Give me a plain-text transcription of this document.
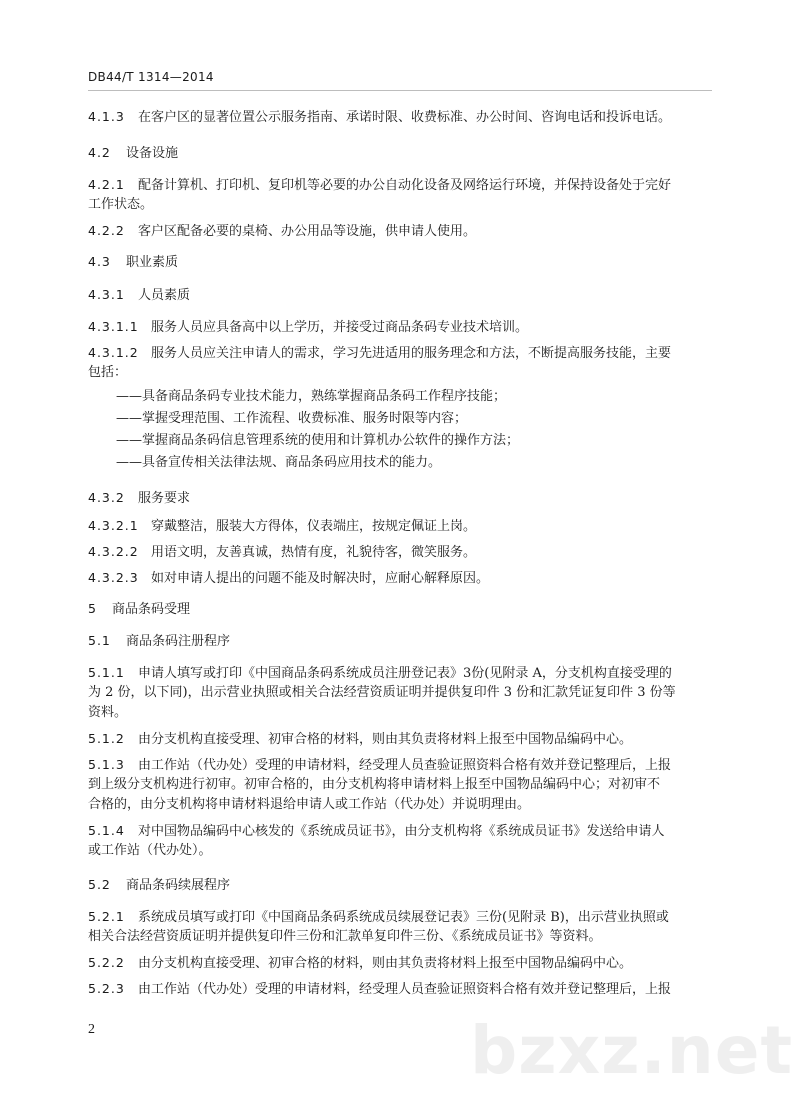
DB44/T 1314—2014
4.1.3 在客户区的显著位置公示服务指南、承诺时限、收费标准、办公时间、咨询电话和投诉电话。
4.2 设备设施
4.2.1 配备计算机、打印机、复印机等必要的办公自动化设备及网络运行环境，并保持设备处于完好
工作状态。
4.2.2 客户区配备必要的桌椅、办公用品等设施，供申请人使用。
4.3 职业素质
4.3.1 人员素质
4.3.1.1 服务人员应具备高中以上学历，并接受过商品条码专业技术培训。
4.3.1.2 服务人员应关注申请人的需求，学习先进适用的服务理念和方法，不断提高服务技能，主要
包括：
——具备商品条码专业技术能力，熟练掌握商品条码工作程序技能；
——掌握受理范围、工作流程、收费标准、服务时限等内容；
——掌握商品条码信息管理系统的使用和计算机办公软件的操作方法；
——具备宣传相关法律法规、商品条码应用技术的能力。
4.3.2 服务要求
4.3.2.1 穿戴整洁，服装大方得体，仪表端庄，按规定佩证上岗。
4.3.2.2 用语文明，友善真诚，热情有度，礼貌待客，微笑服务。
4.3.2.3 如对申请人提出的问题不能及时解决时，应耐心解释原因。
5 商品条码受理
5.1 商品条码注册程序
5.1.1 申请人填写或打印《中国商品条码系统成员注册登记表》3份(见附录 A，分支机构直接受理的
为 2 份，以下同)，出示营业执照或相关合法经营资质证明并提供复印件 3 份和汇款凭证复印件 3 份等
资料。
5.1.2 由分支机构直接受理、初审合格的材料，则由其负责将材料上报至中国物品编码中心。
5.1.3 由工作站（代办处）受理的申请材料，经受理人员查验证照资料合格有效并登记整理后，上报
到上级分支机构进行初审。初审合格的，由分支机构将申请材料上报至中国物品编码中心；对初审不
合格的，由分支机构将申请材料退给申请人或工作站（代办处）并说明理由。
5.1.4 对中国物品编码中心核发的《系统成员证书》，由分支机构将《系统成员证书》发送给申请人
或工作站（代办处）。
5.2 商品条码续展程序
5.2.1 系统成员填写或打印《中国商品条码系统成员续展登记表》三份(见附录 B)，出示营业执照或
相关合法经营资质证明并提供复印件三份和汇款单复印件三份、《系统成员证书》等资料。
5.2.2 由分支机构直接受理、初审合格的材料，则由其负责将材料上报至中国物品编码中心。
5.2.3 由工作站（代办处）受理的申请材料，经受理人员查验证照资料合格有效并登记整理后，上报
bzxz.net
2
